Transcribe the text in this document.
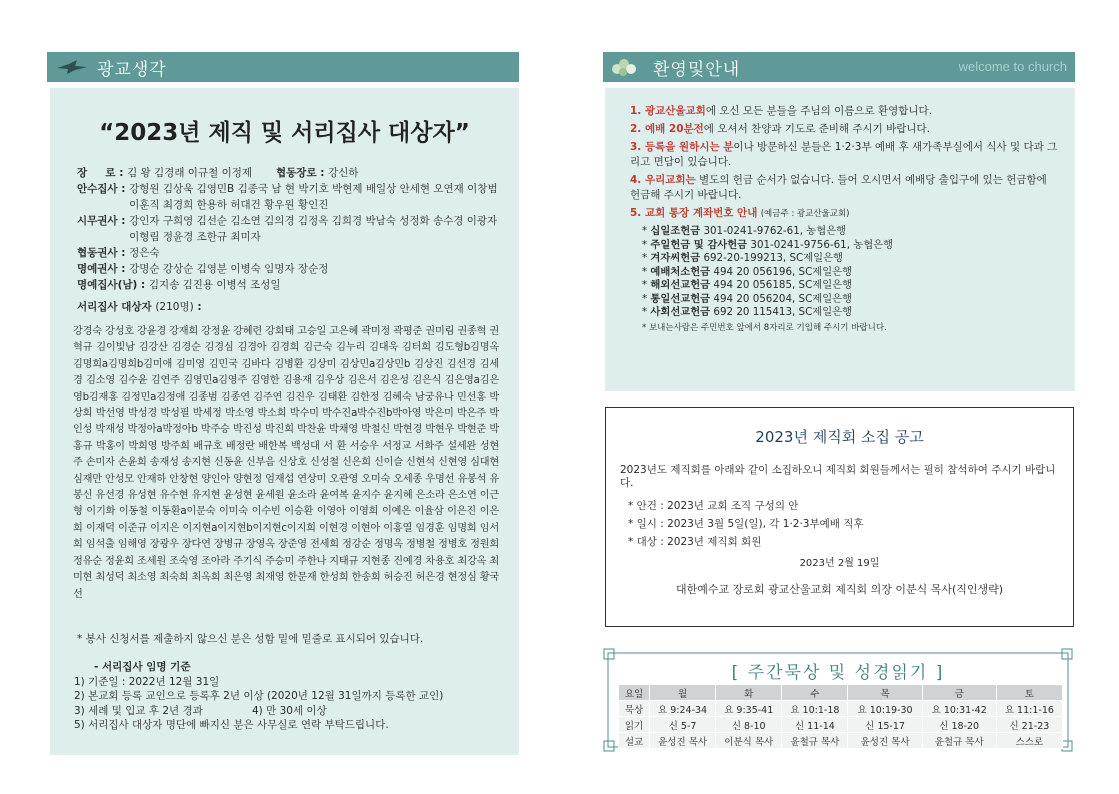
광교생각
“2023년 제직 및 서리집사 대상자”
장     로 : 김 왕 김경래 이규철 이정제 협동장로 : 강신하
안수집사 : 강형원 김상욱 김영민B 김종국 남 현 박기호 박현제 배일상 안세현 오연재 이창범 이훈직 최경희 한용하 허대건 황우원 황인진
시무권사 : 강인자 구희영 김선순 김소연 김의경 김정옥 김희경 박남숙 성정화 송수경 이광자 이형림 정윤경 조한규 최미자
협동권사 : 정은숙
명예권사 : 강명순 강상순 김영분 이병숙 임명자 장순정
명예집사(남) : 김지송 김진용 이병석 조성일
서리집사 대상자 (210명) :
강경숙 강성호 강윤경 강재희 강정윤 강혜련 강희태 고승일 고은혜 곽미정 곽평준 권미림 권종혁 권혁규 김이빛남 김강산 김경순 김경심 김경아 김경희 김근숙 김누리 김대욱 김터희 김도형b김명옥 김명희a김명희b김미애 김미영 김민국 김바다 김병환 김상미 김상민a김상민b 김상진 김선경 김세경 김소영 김수윤 김연주 김영민a김영주 김영한 김용재 김우상 김은서 김은성 김은식 김은영a김은영b김재홍 김정민a김정애 김종범 김종연 김주연 김진우 김태환 김한정 김혜숙 남궁유나 민선홍 박상희 박선영 박성경 박성필 박세정 박소영 박소희 박수미 박수진a박수진b박아영 박은미 박은주 박인성 박재성 박정아a박정아b 박주승 박진성 박진희 박찬윤 박채영 박철신 박현경 박현우 박현준 박홍규 박홍이 박희영 방주희 배규호 배정란 배한복 백성대 서 환 서승우 서정교 서화주 설세완 성현주 손미자 손윤희 송재성 송지현 신동윤 신부음 신상호 신성철 신은희 신이슬 신현석 신현영 심대현 심재만 안성모 안재하 안창현 양인아 양현정 엄재섭 연상미 오관영 오미숙 오세종 우명선 유봉석 유봉신 유선경 유성현 유수현 유지현 윤성현 윤세원 윤소라 윤여복 윤지수 윤지혜 은소라 은소연 이근형 이기화 이동철 이동환a이문숙 이미숙 이수빈 이승환 이영아 이영희 이예은 이율삼 이은진 이은희 이재덕 이준규 이지은 이지현a이지현b이지현c이지희 이현경 이현아 이홍열 임경훈 임명희 임서희 임석출 임해영 장광우 장다연 장병규 장영옥 장준영 전세희 정강순 정명옥 정병철 정병호 정원희 정유순 정윤희 조세원 조숙영 조아라 주기식 주승미 주한나 지태규 지현종 진예경 차용호 최강옥 최미현 최성덕 최소영 최숙희 최옥희 최은영 최재영 한문재 한성희 한송희 허승진 허은경 현정심 황국선
* 봉사 신청서를 제출하지 않으신 분은 성함 밑에 밑줄로 표시되어 있습니다.
- 서리집사 임명 기준
1) 기준일 : 2022년 12월 31일
2) 본교회 등록 교인으로 등록후 2년 이상 (2020년 12월 31일까지 등록한 교인)
3) 세례 및 입교 후 2년 경과	4) 만 30세 이상
5) 서리집사 대상자 명단에 빠지신 분은 사무실로 연락 부탁드립니다.
환영및안내	welcome to church
1. 광교산울교회에 오신 모든 분들을 주님의 이름으로 환영합니다.
2. 예배 20분전에 오셔서 찬양과 기도로 준비해 주시기 바랍니다.
3. 등록을 원하시는 분이나 방문하신 분들은 1·2·3부 예배 후 새가족부실에서 식사 및 다과 그리고 면담이 있습니다.
4. 우리교회는 별도의 헌금 순서가 없습니다. 들어 오시면서 예배당 출입구에 있는 헌금함에 헌금해 주시기 바랍니다.
5. 교회 통장 계좌번호 안내 (예금주 : 광교산울교회)
* 십일조헌금 301-0241-9762-61, 농협은행
* 주일헌금 및 감사헌금 301-0241-9756-61, 농협은행
* 겨자씨헌금 692-20-199213, SC제일은행
* 예배처소헌금 494 20 056196, SC제일은행
* 해외선교헌금 494 20 056185, SC제일은행
* 통일선교헌금 494 20 056204, SC제일은행
* 사회선교헌금 692 20 115413, SC제일은행
* 보내는사람은 주민번호 앞에서 8자리로 기입해 주시기 바랍니다.
2023년 제직회 소집 공고
2023년도 제직회를 아래와 같이 소집하오니 제직회 회원들께서는 필히 참석하여 주시기 바랍니다.
* 안건 : 2023년 교회 조직 구성의 안
* 일시 : 2023년 3월 5일(일), 각 1·2·3부예배 직후
* 대상 : 2023년 제직회 회원
2023년 2월 19일
대한예수교 장로회 광교산울교회 제직회 의장 이분식 목사(직인생략)
[ 주간묵상 및 성경읽기 ]
요일	월	화	수	목	금	토
묵상	요 9:24-34	요 9:35-41	요 10:1-18	요 10:19-30	요 10:31-42	요 11:1-16
읽기	신 5-7	신 8-10	신 11-14	신 15-17	신 18-20	신 21-23
설교	윤성진 목사	이분식 목사	윤철규 목사	윤성진 목사	윤철규 목사	스스로
